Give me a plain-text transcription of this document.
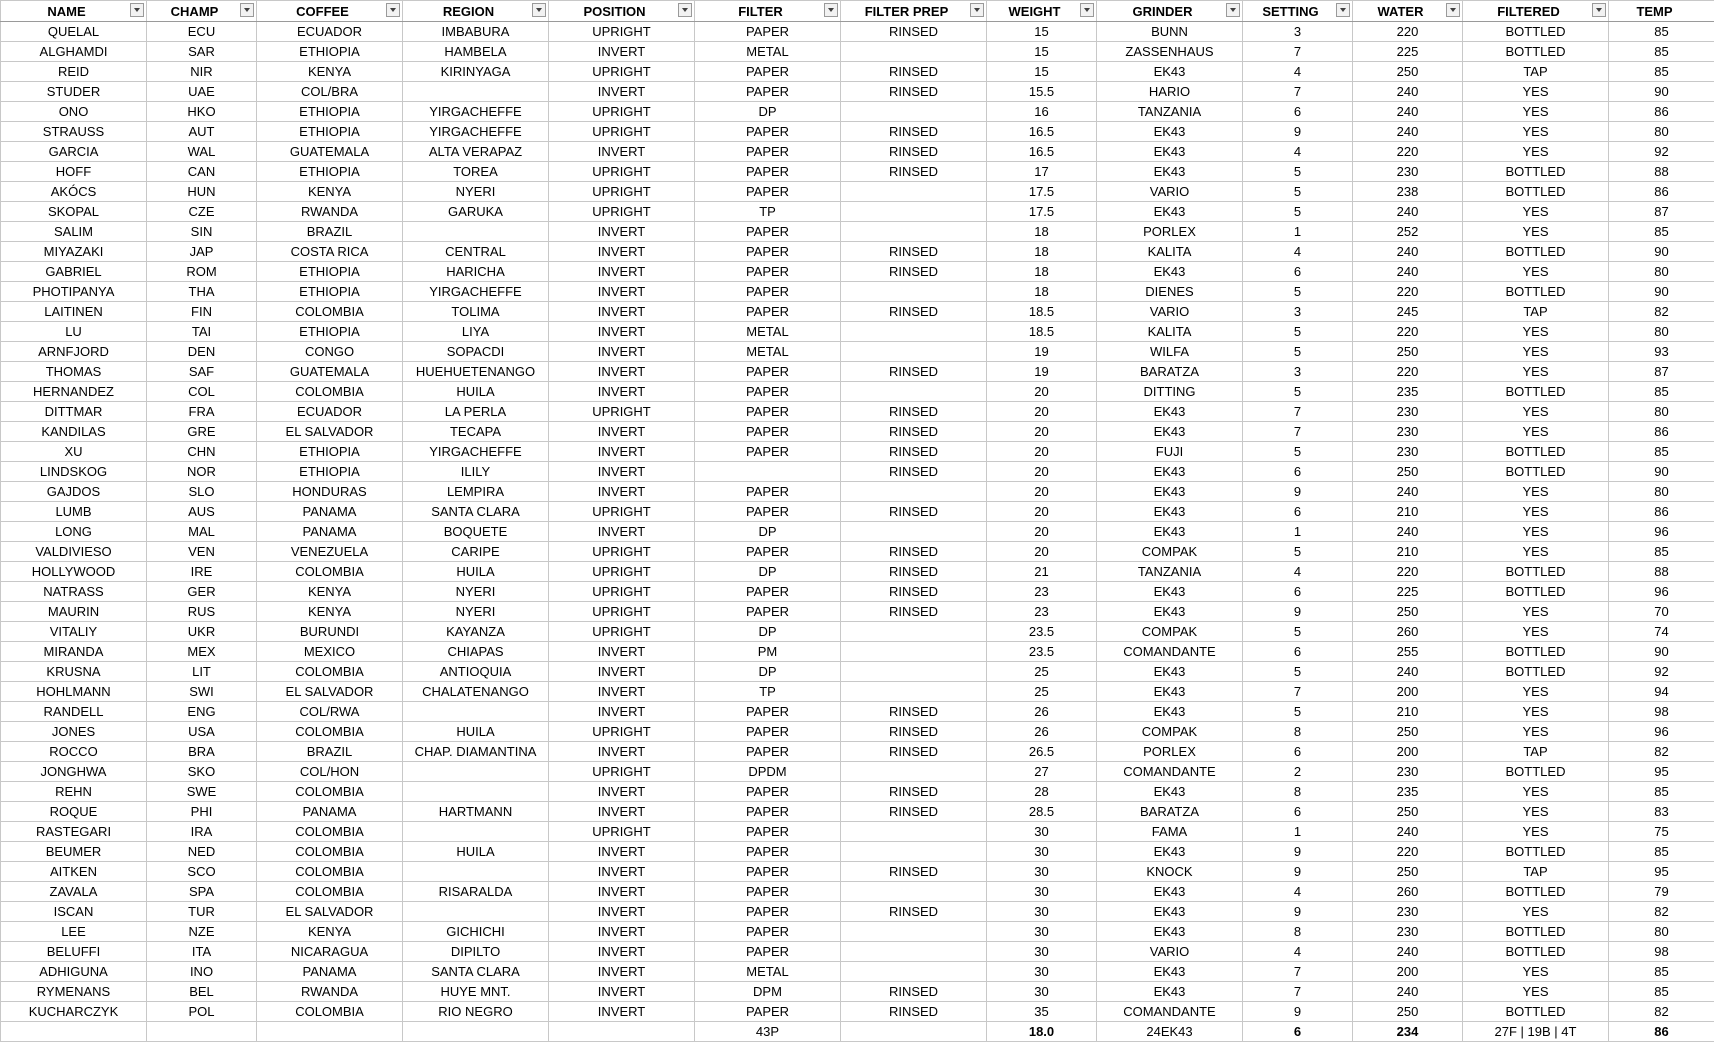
NAME	CHAMP	COFFEE	REGION	POSITION	FILTER	FILTER PREP	WEIGHT	GRINDER	SETTING	WATER	FILTERED	TEMP
QUELAL	ECU	ECUADOR	IMBABURA	UPRIGHT	PAPER	RINSED	15	BUNN	3	220	BOTTLED	85
ALGHAMDI	SAR	ETHIOPIA	HAMBELA	INVERT	METAL		15	ZASSENHAUS	7	225	BOTTLED	85
REID	NIR	KENYA	KIRINYAGA	UPRIGHT	PAPER	RINSED	15	EK43	4	250	TAP	85
STUDER	UAE	COL/BRA		INVERT	PAPER	RINSED	15.5	HARIO	7	240	YES	90
ONO	HKO	ETHIOPIA	YIRGACHEFFE	UPRIGHT	DP		16	TANZANIA	6	240	YES	86
STRAUSS	AUT	ETHIOPIA	YIRGACHEFFE	UPRIGHT	PAPER	RINSED	16.5	EK43	9	240	YES	80
GARCIA	WAL	GUATEMALA	ALTA VERAPAZ	INVERT	PAPER	RINSED	16.5	EK43	4	220	YES	92
HOFF	CAN	ETHIOPIA	TOREA	UPRIGHT	PAPER	RINSED	17	EK43	5	230	BOTTLED	88
AKÓCS	HUN	KENYA	NYERI	UPRIGHT	PAPER		17.5	VARIO	5	238	BOTTLED	86
SKOPAL	CZE	RWANDA	GARUKA	UPRIGHT	TP		17.5	EK43	5	240	YES	87
SALIM	SIN	BRAZIL		INVERT	PAPER		18	PORLEX	1	252	YES	85
MIYAZAKI	JAP	COSTA RICA	CENTRAL	INVERT	PAPER	RINSED	18	KALITA	4	240	BOTTLED	90
GABRIEL	ROM	ETHIOPIA	HARICHA	INVERT	PAPER	RINSED	18	EK43	6	240	YES	80
PHOTIPANYA	THA	ETHIOPIA	YIRGACHEFFE	INVERT	PAPER		18	DIENES	5	220	BOTTLED	90
LAITINEN	FIN	COLOMBIA	TOLIMA	INVERT	PAPER	RINSED	18.5	VARIO	3	245	TAP	82
LU	TAI	ETHIOPIA	LIYA	INVERT	METAL		18.5	KALITA	5	220	YES	80
ARNFJORD	DEN	CONGO	SOPACDI	INVERT	METAL		19	WILFA	5	250	YES	93
THOMAS	SAF	GUATEMALA	HUEHUETENANGO	INVERT	PAPER	RINSED	19	BARATZA	3	220	YES	87
HERNANDEZ	COL	COLOMBIA	HUILA	INVERT	PAPER		20	DITTING	5	235	BOTTLED	85
DITTMAR	FRA	ECUADOR	LA PERLA	UPRIGHT	PAPER	RINSED	20	EK43	7	230	YES	80
KANDILAS	GRE	EL SALVADOR	TECAPA	INVERT	PAPER	RINSED	20	EK43	7	230	YES	86
XU	CHN	ETHIOPIA	YIRGACHEFFE	INVERT	PAPER	RINSED	20	FUJI	5	230	BOTTLED	85
LINDSKOG	NOR	ETHIOPIA	ILILY	INVERT		RINSED	20	EK43	6	250	BOTTLED	90
GAJDOS	SLO	HONDURAS	LEMPIRA	INVERT	PAPER		20	EK43	9	240	YES	80
LUMB	AUS	PANAMA	SANTA CLARA	UPRIGHT	PAPER	RINSED	20	EK43	6	210	YES	86
LONG	MAL	PANAMA	BOQUETE	INVERT	DP		20	EK43	1	240	YES	96
VALDIVIESO	VEN	VENEZUELA	CARIPE	UPRIGHT	PAPER	RINSED	20	COMPAK	5	210	YES	85
HOLLYWOOD	IRE	COLOMBIA	HUILA	UPRIGHT	DP	RINSED	21	TANZANIA	4	220	BOTTLED	88
NATRASS	GER	KENYA	NYERI	UPRIGHT	PAPER	RINSED	23	EK43	6	225	BOTTLED	96
MAURIN	RUS	KENYA	NYERI	UPRIGHT	PAPER	RINSED	23	EK43	9	250	YES	70
VITALIY	UKR	BURUNDI	KAYANZA	UPRIGHT	DP		23.5	COMPAK	5	260	YES	74
MIRANDA	MEX	MEXICO	CHIAPAS	INVERT	PM		23.5	COMANDANTE	6	255	BOTTLED	90
KRUSNA	LIT	COLOMBIA	ANTIOQUIA	INVERT	DP		25	EK43	5	240	BOTTLED	92
HOHLMANN	SWI	EL SALVADOR	CHALATENANGO	INVERT	TP		25	EK43	7	200	YES	94
RANDELL	ENG	COL/RWA		INVERT	PAPER	RINSED	26	EK43	5	210	YES	98
JONES	USA	COLOMBIA	HUILA	UPRIGHT	PAPER	RINSED	26	COMPAK	8	250	YES	96
ROCCO	BRA	BRAZIL	CHAP. DIAMANTINA	INVERT	PAPER	RINSED	26.5	PORLEX	6	200	TAP	82
JONGHWA	SKO	COL/HON		UPRIGHT	DPDM		27	COMANDANTE	2	230	BOTTLED	95
REHN	SWE	COLOMBIA		INVERT	PAPER	RINSED	28	EK43	8	235	YES	85
ROQUE	PHI	PANAMA	HARTMANN	INVERT	PAPER	RINSED	28.5	BARATZA	6	250	YES	83
RASTEGARI	IRA	COLOMBIA		UPRIGHT	PAPER		30	FAMA	1	240	YES	75
BEUMER	NED	COLOMBIA	HUILA	INVERT	PAPER		30	EK43	9	220	BOTTLED	85
AITKEN	SCO	COLOMBIA		INVERT	PAPER	RINSED	30	KNOCK	9	250	TAP	95
ZAVALA	SPA	COLOMBIA	RISARALDA	INVERT	PAPER		30	EK43	4	260	BOTTLED	79
ISCAN	TUR	EL SALVADOR		INVERT	PAPER	RINSED	30	EK43	9	230	YES	82
LEE	NZE	KENYA	GICHICHI	INVERT	PAPER		30	EK43	8	230	BOTTLED	80
BELUFFI	ITA	NICARAGUA	DIPILTO	INVERT	PAPER		30	VARIO	4	240	BOTTLED	98
ADHIGUNA	INO	PANAMA	SANTA CLARA	INVERT	METAL		30	EK43	7	200	YES	85
RYMENANS	BEL	RWANDA	HUYE MNT.	INVERT	DPM	RINSED	30	EK43	7	240	YES	85
KUCHARCZYK	POL	COLOMBIA	RIO NEGRO	INVERT	PAPER	RINSED	35	COMANDANTE	9	250	BOTTLED	82
					43P		18.0	24EK43	6	234	27F | 19B | 4T	86
